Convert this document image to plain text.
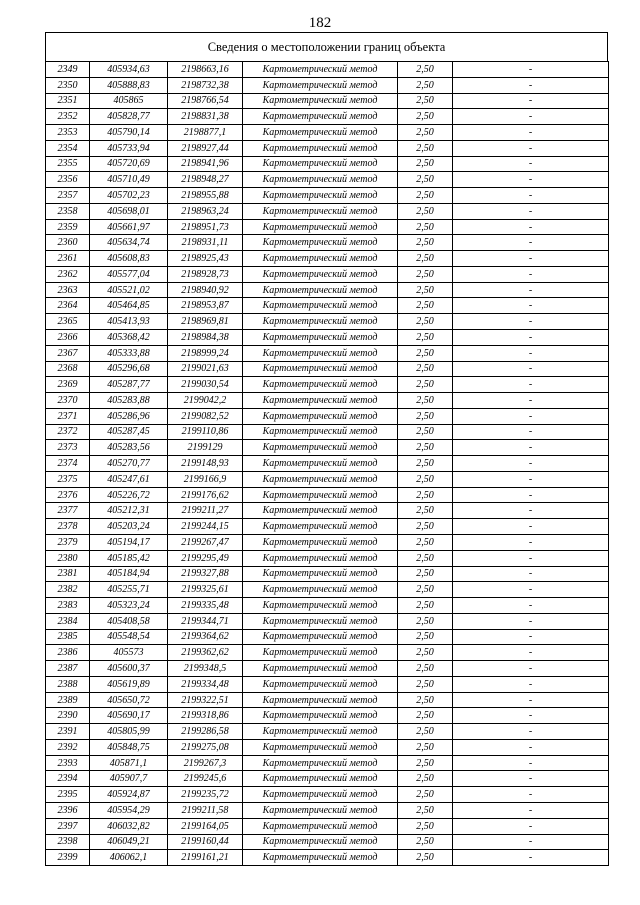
182
Сведения о местоположении границ объекта
2349	405934,63	2198663,16	Картометрический метод	2,50	-
2350	405888,83	2198732,38	Картометрический метод	2,50	-
2351	405865	2198766,54	Картометрический метод	2,50	-
2352	405828,77	2198831,38	Картометрический метод	2,50	-
2353	405790,14	2198877,1	Картометрический метод	2,50	-
2354	405733,94	2198927,44	Картометрический метод	2,50	-
2355	405720,69	2198941,96	Картометрический метод	2,50	-
2356	405710,49	2198948,27	Картометрический метод	2,50	-
2357	405702,23	2198955,88	Картометрический метод	2,50	-
2358	405698,01	2198963,24	Картометрический метод	2,50	-
2359	405661,97	2198951,73	Картометрический метод	2,50	-
2360	405634,74	2198931,11	Картометрический метод	2,50	-
2361	405608,83	2198925,43	Картометрический метод	2,50	-
2362	405577,04	2198928,73	Картометрический метод	2,50	-
2363	405521,02	2198940,92	Картометрический метод	2,50	-
2364	405464,85	2198953,87	Картометрический метод	2,50	-
2365	405413,93	2198969,81	Картометрический метод	2,50	-
2366	405368,42	2198984,38	Картометрический метод	2,50	-
2367	405333,88	2198999,24	Картометрический метод	2,50	-
2368	405296,68	2199021,63	Картометрический метод	2,50	-
2369	405287,77	2199030,54	Картометрический метод	2,50	-
2370	405283,88	2199042,2	Картометрический метод	2,50	-
2371	405286,96	2199082,52	Картометрический метод	2,50	-
2372	405287,45	2199110,86	Картометрический метод	2,50	-
2373	405283,56	2199129	Картометрический метод	2,50	-
2374	405270,77	2199148,93	Картометрический метод	2,50	-
2375	405247,61	2199166,9	Картометрический метод	2,50	-
2376	405226,72	2199176,62	Картометрический метод	2,50	-
2377	405212,31	2199211,27	Картометрический метод	2,50	-
2378	405203,24	2199244,15	Картометрический метод	2,50	-
2379	405194,17	2199267,47	Картометрический метод	2,50	-
2380	405185,42	2199295,49	Картометрический метод	2,50	-
2381	405184,94	2199327,88	Картометрический метод	2,50	-
2382	405255,71	2199325,61	Картометрический метод	2,50	-
2383	405323,24	2199335,48	Картометрический метод	2,50	-
2384	405408,58	2199344,71	Картометрический метод	2,50	-
2385	405548,54	2199364,62	Картометрический метод	2,50	-
2386	405573	2199362,62	Картометрический метод	2,50	-
2387	405600,37	2199348,5	Картометрический метод	2,50	-
2388	405619,89	2199334,48	Картометрический метод	2,50	-
2389	405650,72	2199322,51	Картометрический метод	2,50	-
2390	405690,17	2199318,86	Картометрический метод	2,50	-
2391	405805,99	2199286,58	Картометрический метод	2,50	-
2392	405848,75	2199275,08	Картометрический метод	2,50	-
2393	405871,1	2199267,3	Картометрический метод	2,50	-
2394	405907,7	2199245,6	Картометрический метод	2,50	-
2395	405924,87	2199235,72	Картометрический метод	2,50	-
2396	405954,29	2199211,58	Картометрический метод	2,50	-
2397	406032,82	2199164,05	Картометрический метод	2,50	-
2398	406049,21	2199160,44	Картометрический метод	2,50	-
2399	406062,1	2199161,21	Картометрический метод	2,50	-
